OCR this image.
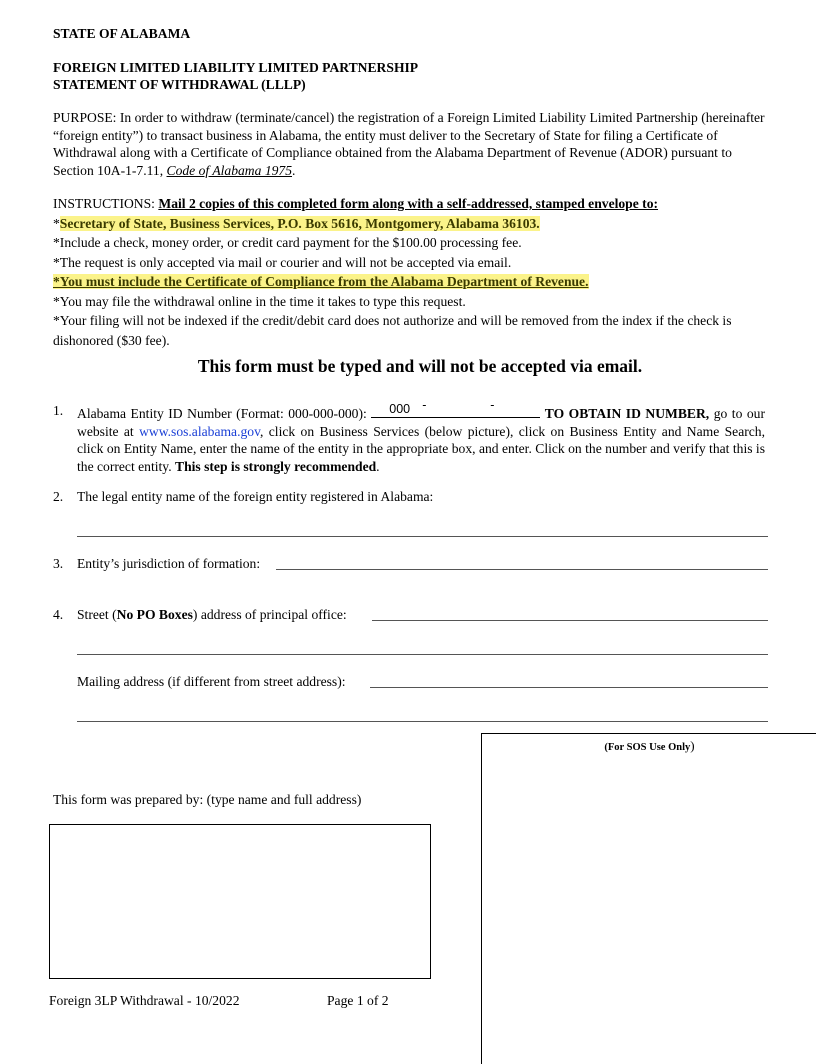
STATE OF ALABAMA
FOREIGN LIMITED LIABILITY LIMITED PARTNERSHIP
STATEMENT OF WITHDRAWAL (LLLP)
PURPOSE: In order to withdraw (terminate/cancel) the registration of a Foreign Limited Liability Limited Partnership (hereinafter “foreign entity”) to transact business in Alabama, the entity must deliver to the Secretary of State for filing a Certificate of Withdrawal along with a Certificate of Compliance obtained from the Alabama Department of Revenue (ADOR) pursuant to Section 10A-1-7.11, Code of Alabama 1975.
INSTRUCTIONS: Mail 2 copies of this completed form along with a self-addressed, stamped envelope to:
*Secretary of State, Business Services, P.O. Box 5616, Montgomery, Alabama 36103.
*Include a check, money order, or credit card payment for the $100.00 processing fee.
*The request is only accepted via mail or courier and will not be accepted via email.
*You must include the Certificate of Compliance from the Alabama Department of Revenue.
*You may file the withdrawal online in the time it takes to type this request.
*Your filing will not be indexed if the credit/debit card does not authorize and will be removed from the index if the check is dishonored ($30 fee).
This form must be typed and will not be accepted via email.
1. Alabama Entity ID Number (Format: 000-000-000): 000 -	-
TO OBTAIN ID NUMBER, go to our website at www.sos.alabama.gov, click on Business Services (below picture), click on Business Entity and Name Search, click on Entity Name, enter the name of the entity in the appropriate box, and enter. Click on the number and verify that this is the correct entity. This step is strongly recommended.
2. The legal entity name of the foreign entity registered in Alabama:
3. Entity’s jurisdiction of formation:
4. Street (No PO Boxes) address of principal office:
Mailing address (if different from street address):
(For SOS Use Only)
This form was prepared by: (type name and full address)
Foreign 3LP Withdrawal - 10/2022	Page 1 of 2
